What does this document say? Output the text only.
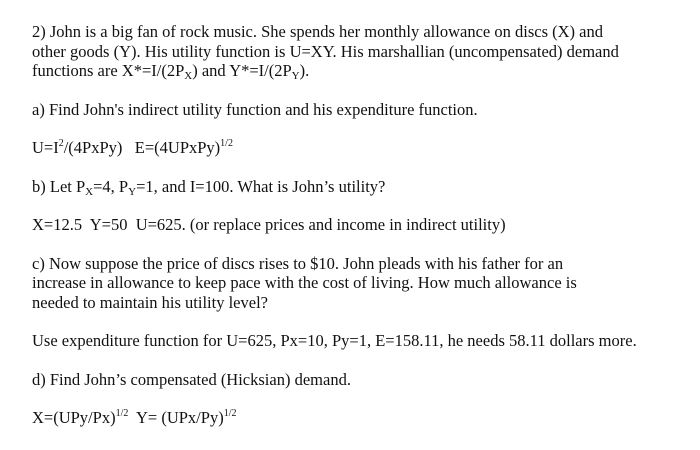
2) John is a big fan of rock music. She spends her monthly allowance on discs (X) and

other goods (Y). His utility function is U=XY. His marshallian (uncompensated) demand

functions are $X*=I/(2P_X)$ and $Y*=I/(2P_Y)$.

a) Find John's indirect utility function and his expenditure function.

$U=I^2/(4PxPy)$   E=(4UPxPy)$^{1/2}$

b) Let $P_X=4$, $P_Y=1$, and I=100. What is John’s utility?

X=12.5  Y=50  U=625. (or replace prices and income in indirect utility)

c) Now suppose the price of discs rises to $10. John pleads with his father for an

increase in allowance to keep pace with the cost of living. How much allowance is

needed to maintain his utility level?

Use expenditure function for U=625, Px=10, Py=1, E=158.11, he needs 58.11 dollars more.

d) Find John’s compensated (Hicksian) demand.

$X=(UPy/Px)^{1/2}$  $Y= (UPx/Py)^{1/2}$
